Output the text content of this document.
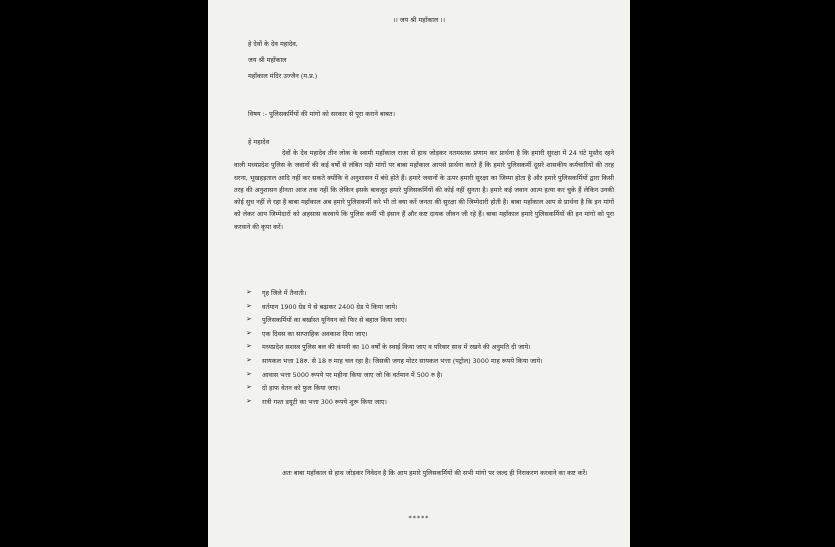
।। जय श्री महाँकाल ।।
हे देवों के देव महादेव,
जय श्री महाँकाल
महाँकाल मंदिर उज्जैन (म.प्र.)
विषय :- पुलिसकर्मियों की मांगो को सरकार से पूरा कराने बाबत।
हे महादेव
देवों के देव महादेव तीन लोक के स्वामी महाँकाल राजा से हाथ जोड़कर नतमस्तक प्रणाम कर प्रार्थना है कि हमारी सुरक्षा में 24 घंटे मुस्तैद रहने वाली मध्यप्रदेश पुलिस के जवानों की कई वर्षों से लंबित पड़ी मांगों पर बाबा महाँकाल आपसे प्रार्थना करते हैं कि हमारे पुलिसकर्मी दूसरे शासकीय कर्मचारियों की तरह धरना, भूखहड़ताल आदि नहीं कर सकते क्योंकि वे अनुशासन में बंधे होते हैं। हमारे जवानों के ऊपर हमारी सुरक्षा का जिम्मा होता है और हमारे पुलिसकर्मियों द्वारा किसी तरह की अनुशासन हीनता आज तक नहीं कि लेकिन इसके बावजूद हमारे पुलिसकर्मियों की कोई नहीं सुनता है। हमारे कई जवान आत्म हत्या कर चुके हैं लेकिन उनकी कोई सुध नहीं ले रहा है बाबा महाँकाल अब हमारे पुलिसकर्मी करे भी तो क्या करें जनता की सुरक्षा की जिम्मेदारी होती है। बाबा महाँकाल आप से प्रार्थना है कि इन मांगों को लेकर आप जिम्मेदारों को अहसास करवाये कि पुलिस कर्मी भी इंसान हैं और कष्ट दायक जीवन जी रहे हैं। बाबा महाँकाल हमारे पुलिसकर्मियों की इन मांगो को पूरा करवाने की कृपा करें।
➢	गृह जिले में तैनाती।
➢	वर्तमान 1900 ग्रेड पे से बढ़ाकर 2400 ग्रेड पे किया जाये।
➢	पुलिसकर्मियों का बर्खास्त यूनियन को फिर से बहाल किया जाए।
➢	एक दिवस का साप्ताहिक अवकाश दिया जाए।
➢	मध्यप्रदेश सशस्त्र पुलिस बल की कंपनी का 10 वर्षों के स्थाई किया जाए व परिवार साथ में रखने की अनुमति दी जाये।
➢	सायकल भत्ता 18रु. से 18 रु माह चल रहा है। जिसकी जगह मोटर सायकल भत्ता (पट्रोल) 3000 माह रूपये किया जाये।
➢	आवास भत्ता 5000 रूपये पर महीना किया जाए जो कि वर्तमान में 500 रु है।
➢	दो हाफ वेतन को फुल किया जाए।
➢	रात्री गश्त डयूटी का भत्ता 300 रूपये शुरू किया जाए।
अतः बाबा महाँकाल से हाथ जोड़कर निवेदन है कि आप हमारे पुलिसकर्मियों की सभी मांगो पर जल्द ही निराकरण करवाने का कष्ट करें।
*****
